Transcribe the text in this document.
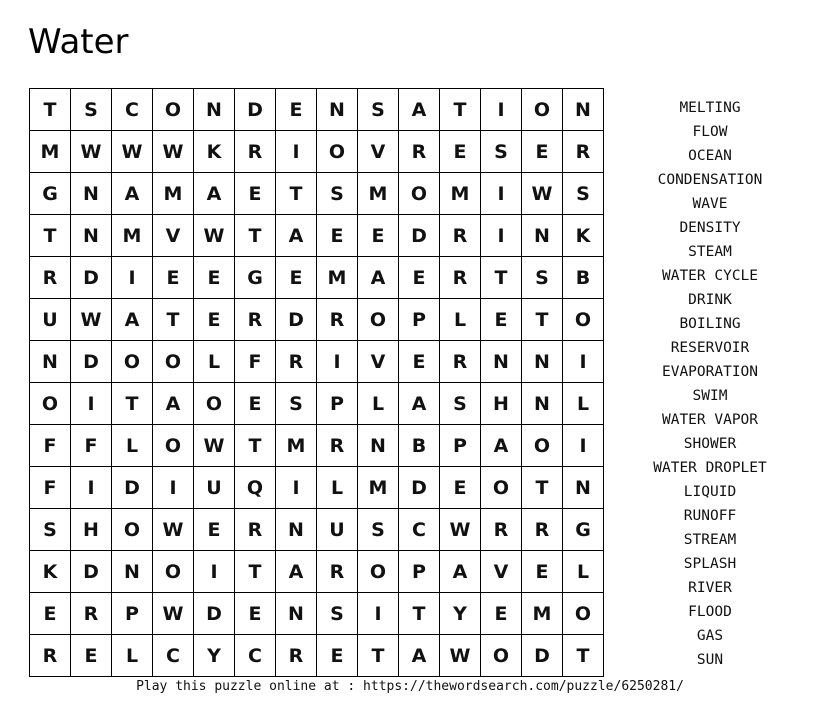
Water
T	S	C	O	N	D	E	N	S	A	T	I	O	N
M	W	W	W	K	R	I	O	V	R	E	S	E	R
G	N	A	M	A	E	T	S	M	O	M	I	W	S
T	N	M	V	W	T	A	E	E	D	R	I	N	K
R	D	I	E	E	G	E	M	A	E	R	T	S	B
U	W	A	T	E	R	D	R	O	P	L	E	T	O
N	D	O	O	L	F	R	I	V	E	R	N	N	I
O	I	T	A	O	E	S	P	L	A	S	H	N	L
F	F	L	O	W	T	M	R	N	B	P	A	O	I
F	I	D	I	U	Q	I	L	M	D	E	O	T	N
S	H	O	W	E	R	N	U	S	C	W	R	R	G
K	D	N	O	I	T	A	R	O	P	A	V	E	L
E	R	P	W	D	E	N	S	I	T	Y	E	M	O
R	E	L	C	Y	C	R	E	T	A	W	O	D	T
MELTING
FLOW
OCEAN
CONDENSATION
WAVE
DENSITY
STEAM
WATER CYCLE
DRINK
BOILING
RESERVOIR
EVAPORATION
SWIM
WATER VAPOR
SHOWER
WATER DROPLET
LIQUID
RUNOFF
STREAM
SPLASH
RIVER
FLOOD
GAS
SUN
Play this puzzle online at : https://thewordsearch.com/puzzle/6250281/
